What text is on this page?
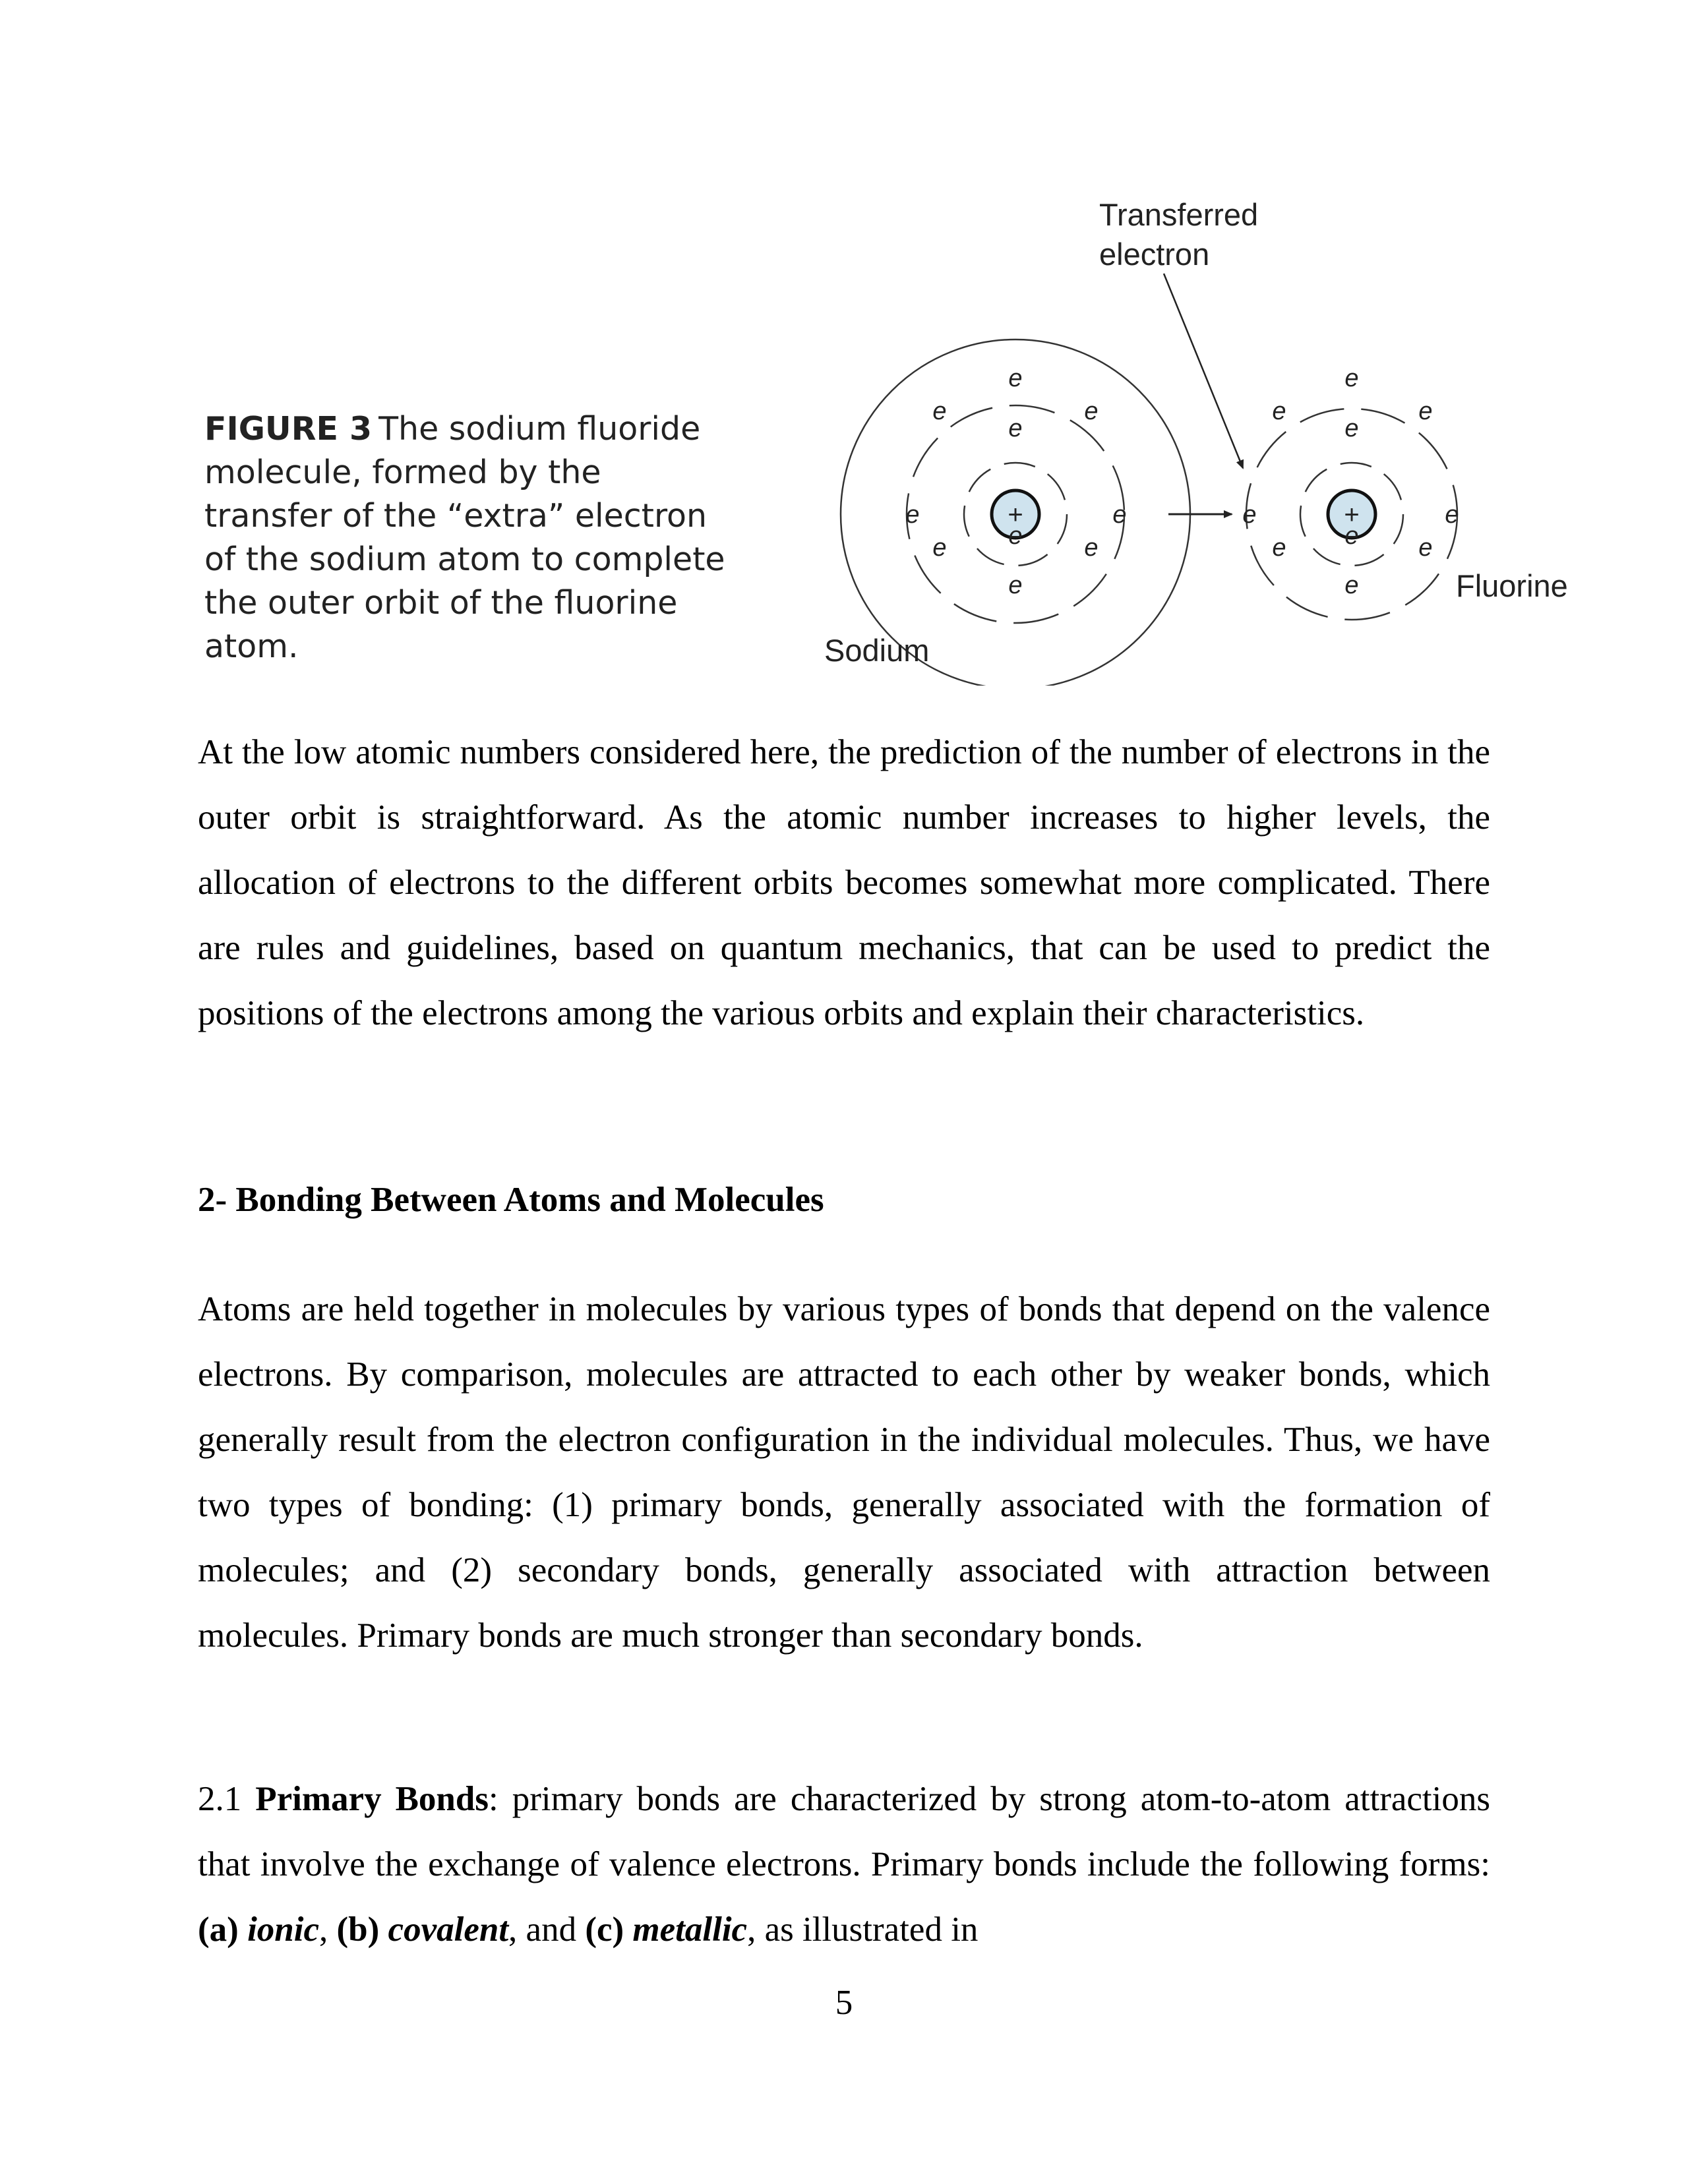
FIGURE 3 The sodium fluoride molecule, formed by the transfer of the “extra” electron of the sodium atom to complete the outer orbit of the fluorine atom.
+
e
e	e
e	e
e	e
e
e
e
Sodium
+
e
e	e
e	e
e	e
e
e
e
Fluorine
Transferred
electron

At the low atomic numbers considered here, the prediction of the number of electrons in the outer orbit is straightforward. As the atomic number increases to higher levels, the allocation of electrons to the different orbits becomes somewhat more complicated. There are rules and guidelines, based on quantum mechanics, that can be used to predict the positions of the electrons among the various orbits and explain their characteristics.

2- Bonding Between Atoms and Molecules

Atoms are held together in molecules by various types of bonds that depend on the valence electrons. By comparison, molecules are attracted to each other by weaker bonds, which generally result from the electron configuration in the individual molecules. Thus, we have two types of bonding: (1) primary bonds, generally associated with the formation of molecules; and (2) secondary bonds, generally associated with attraction between molecules. Primary bonds are much stronger than secondary bonds.

2.1 Primary Bonds: primary bonds are characterized by strong atom-to-atom attractions that involve the exchange of valence electrons. Primary bonds include the following forms: (a) ionic, (b) covalent, and (c) metallic, as illustrated in

5
